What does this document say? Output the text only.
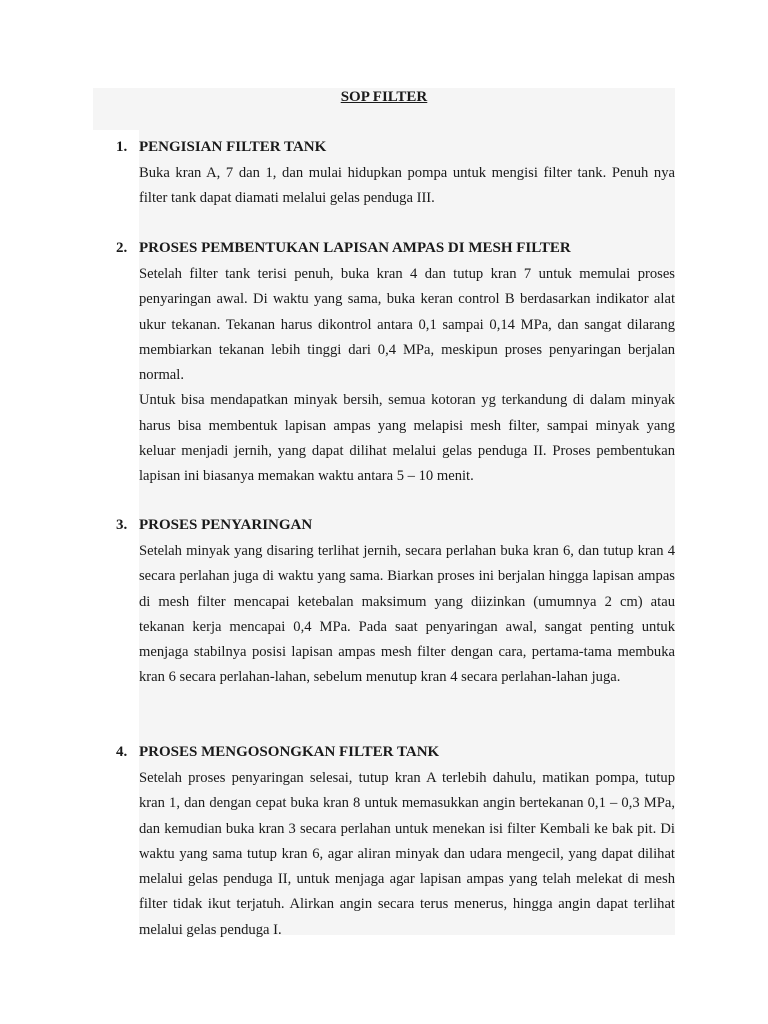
SOP FILTER
1. PENGISIAN FILTER TANK

Buka kran A, 7 dan 1, dan mulai hidupkan pompa untuk mengisi filter tank. Penuh nya filter tank dapat diamati melalui gelas penduga III.

2. PROSES PEMBENTUKAN LAPISAN AMPAS DI MESH FILTER

Setelah filter tank terisi penuh, buka kran 4 dan tutup kran 7 untuk memulai proses penyaringan awal. Di waktu yang sama, buka keran control B berdasarkan indikator alat ukur tekanan. Tekanan harus dikontrol antara 0,1 sampai 0,14 MPa, dan sangat dilarang membiarkan tekanan lebih tinggi dari 0,4 MPa, meskipun proses penyaringan berjalan normal.

Untuk bisa mendapatkan minyak bersih, semua kotoran yg terkandung di dalam minyak harus bisa membentuk lapisan ampas yang melapisi mesh filter, sampai minyak yang keluar menjadi jernih, yang dapat dilihat melalui gelas penduga II. Proses pembentukan lapisan ini biasanya memakan waktu antara 5 – 10 menit.

3. PROSES PENYARINGAN

Setelah minyak yang disaring terlihat jernih, secara perlahan buka kran 6, dan tutup kran 4 secara perlahan juga di waktu yang sama. Biarkan proses ini berjalan hingga lapisan ampas di mesh filter mencapai ketebalan maksimum yang diizinkan (umumnya 2 cm) atau tekanan kerja mencapai 0,4 MPa. Pada saat penyaringan awal, sangat penting untuk menjaga stabilnya posisi lapisan ampas mesh filter dengan cara, pertama-tama membuka kran 6 secara perlahan-lahan, sebelum menutup kran 4 secara perlahan-lahan juga.

4. PROSES MENGOSONGKAN FILTER TANK

Setelah proses penyaringan selesai, tutup kran A terlebih dahulu, matikan pompa, tutup kran 1, dan dengan cepat buka kran 8 untuk memasukkan angin bertekanan 0,1 – 0,3 MPa, dan kemudian buka kran 3 secara perlahan untuk menekan isi filter Kembali ke bak pit. Di waktu yang sama tutup kran 6, agar aliran minyak dan udara mengecil, yang dapat dilihat melalui gelas penduga II, untuk menjaga agar lapisan ampas yang telah melekat di mesh filter tidak ikut terjatuh. Alirkan angin secara terus menerus, hingga angin dapat terlihat melalui gelas penduga I.
